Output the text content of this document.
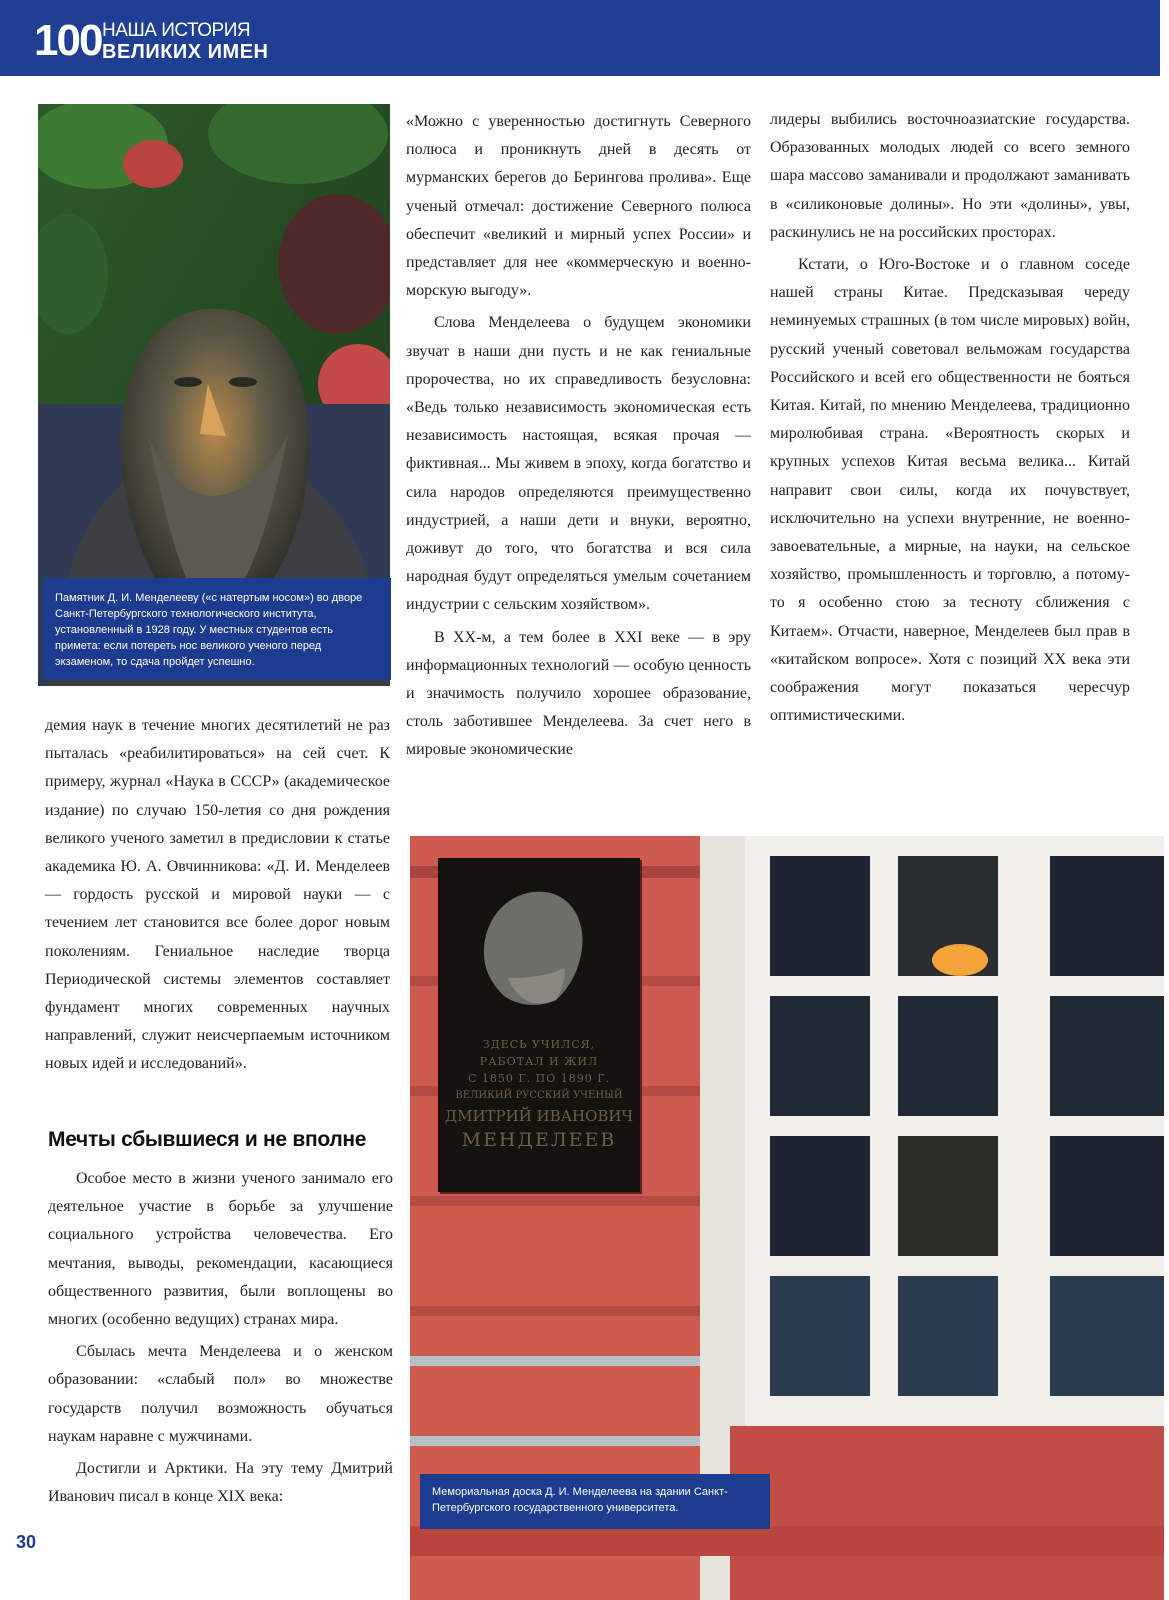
100 НАША ИСТОРИЯ
ВЕЛИКИХ ИМЕН
Памятник Д. И. Менделееву («с натертым носом») во дворе Санкт-Петербургского технологического института, установленный в 1928 году. У местных студентов есть примета: если потереть нос великого ученого перед экзаменом, то сдача пройдет успешно.

демия наук в течение многих десятилетий не раз пыталась «реабилитироваться» на сей счет. К примеру, журнал «Наука в СССР» (академическое издание) по случаю 150-летия со дня рождения великого ученого заметил в предисловии к статье академика Ю. А. Овчинникова: «Д. И. Менделеев — гордость русской и мировой науки — с течением лет становится все более дорог новым поколениям. Гениальное наследие творца Периодической системы элементов составляет фундамент многих современных научных направлений, служит неисчерпаемым источником новых идей и исследований».

Мечты сбывшиеся и не вполне

Особое место в жизни ученого занимало его деятельное участие в борьбе за улучшение социального устройства человечества. Его мечтания, выводы, рекомендации, касающиеся общественного развития, были воплощены во многих (особенно ведущих) странах мира.

Сбылась мечта Менделеева и о женском образовании: «слабый пол» во множестве государств получил возможность обучаться наукам наравне с мужчинами.

Достигли и Арктики. На эту тему Дмитрий Иванович писал в конце XIX века:

«Можно с уверенностью достигнуть Северного полюса и проникнуть дней в десять от мурманских берегов до Берингова пролива». Еще ученый отмечал: достижение Северного полюса обеспечит «великий и мирный успех России» и представляет для нее «коммерческую и военно-морскую выгоду».

Слова Менделеева о будущем экономики звучат в наши дни пусть и не как гениальные пророчества, но их справедливость безусловна: «Ведь только независимость экономическая есть независимость настоящая, всякая прочая — фиктивная... Мы живем в эпоху, когда богатство и сила народов определяются преимущественно индустрией, а наши дети и внуки, вероятно, доживут до того, что богатства и вся сила народная будут определяться умелым сочетанием индустрии с сельским хозяйством».

В XX-м, а тем более в XXI веке — в эру информационных технологий — особую ценность и значимость получило хорошее образование, столь заботившее Менделеева. За счет него в мировые экономические

лидеры выбились восточноазиатские государства. Образованных молодых людей со всего земного шара массово заманивали и продолжают заманивать в «силиконовые долины». Но эти «долины», увы, раскинулись не на российских просторах.

Кстати, о Юго-Востоке и о главном соседе нашей страны Китае. Предсказывая череду неминуемых страшных (в том числе мировых) войн, русский ученый советовал вельможам государства Российского и всей его общественности не бояться Китая. Китай, по мнению Менделеева, традиционно миролюбивая страна. «Вероятность скорых и крупных успехов Китая весьма велика... Китай направит свои силы, когда их почувствует, исключительно на успехи внутренние, не военно-завоевательные, а мирные, на науки, на сельское хозяйство, промышленность и торговлю, а потому-то я особенно стою за тесноту сближения с Китаем». Отчасти, наверное, Менделеев был прав в «китайском вопросе». Хотя с позиций XX века эти соображения могут показаться чересчур оптимистическими.

ЗДЕСЬ УЧИЛСЯ,
РАБОТАЛ И ЖИЛ
С 1850 Г. ПО 1890 Г.
ВЕЛИКИЙ РУССКИЙ УЧЕНЫЙ
ДМИТРИЙ ИВАНОВИЧ
МЕНДЕЛЕЕВ
Мемориальная доска Д. И. Менделеева на здании Санкт-Петербургского государственного университета.
30
